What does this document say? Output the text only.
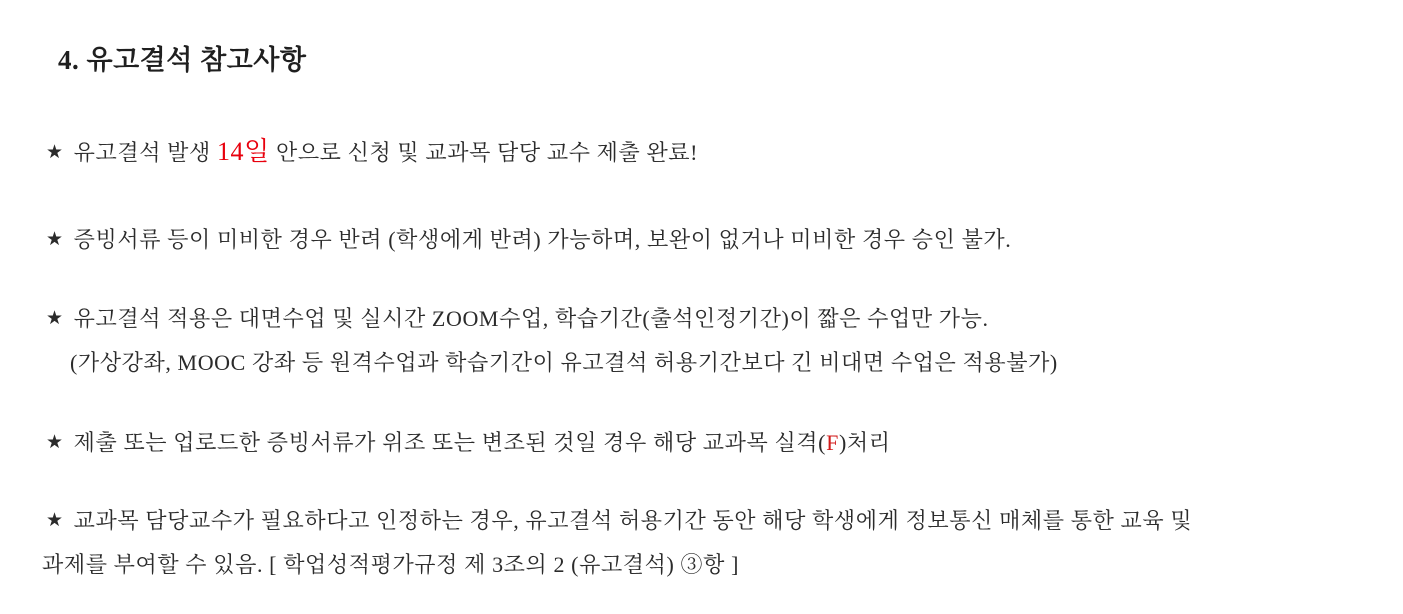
4. 유고결석 참고사항
★ 유고결석 발생 14일 안으로 신청 및 교과목 담당 교수 제출 완료!
★ 증빙서류 등이 미비한 경우 반려 (학생에게 반려) 가능하며, 보완이 없거나 미비한 경우 승인 불가.
★ 유고결석 적용은 대면수업 및 실시간 ZOOM수업, 학습기간(출석인정기간)이 짧은 수업만 가능.
(가상강좌, MOOC 강좌 등 원격수업과 학습기간이 유고결석 허용기간보다 긴 비대면 수업은 적용불가)
★ 제출 또는 업로드한 증빙서류가 위조 또는 변조된 것일 경우 해당 교과목 실격(F)처리
★ 교과목 담당교수가 필요하다고 인정하는 경우, 유고결석 허용기간 동안 해당 학생에게 정보통신 매체를 통한 교육 및
과제를 부여할 수 있음. [ 학업성적평가규정 제 3조의 2 (유고결석) ③항 ]
